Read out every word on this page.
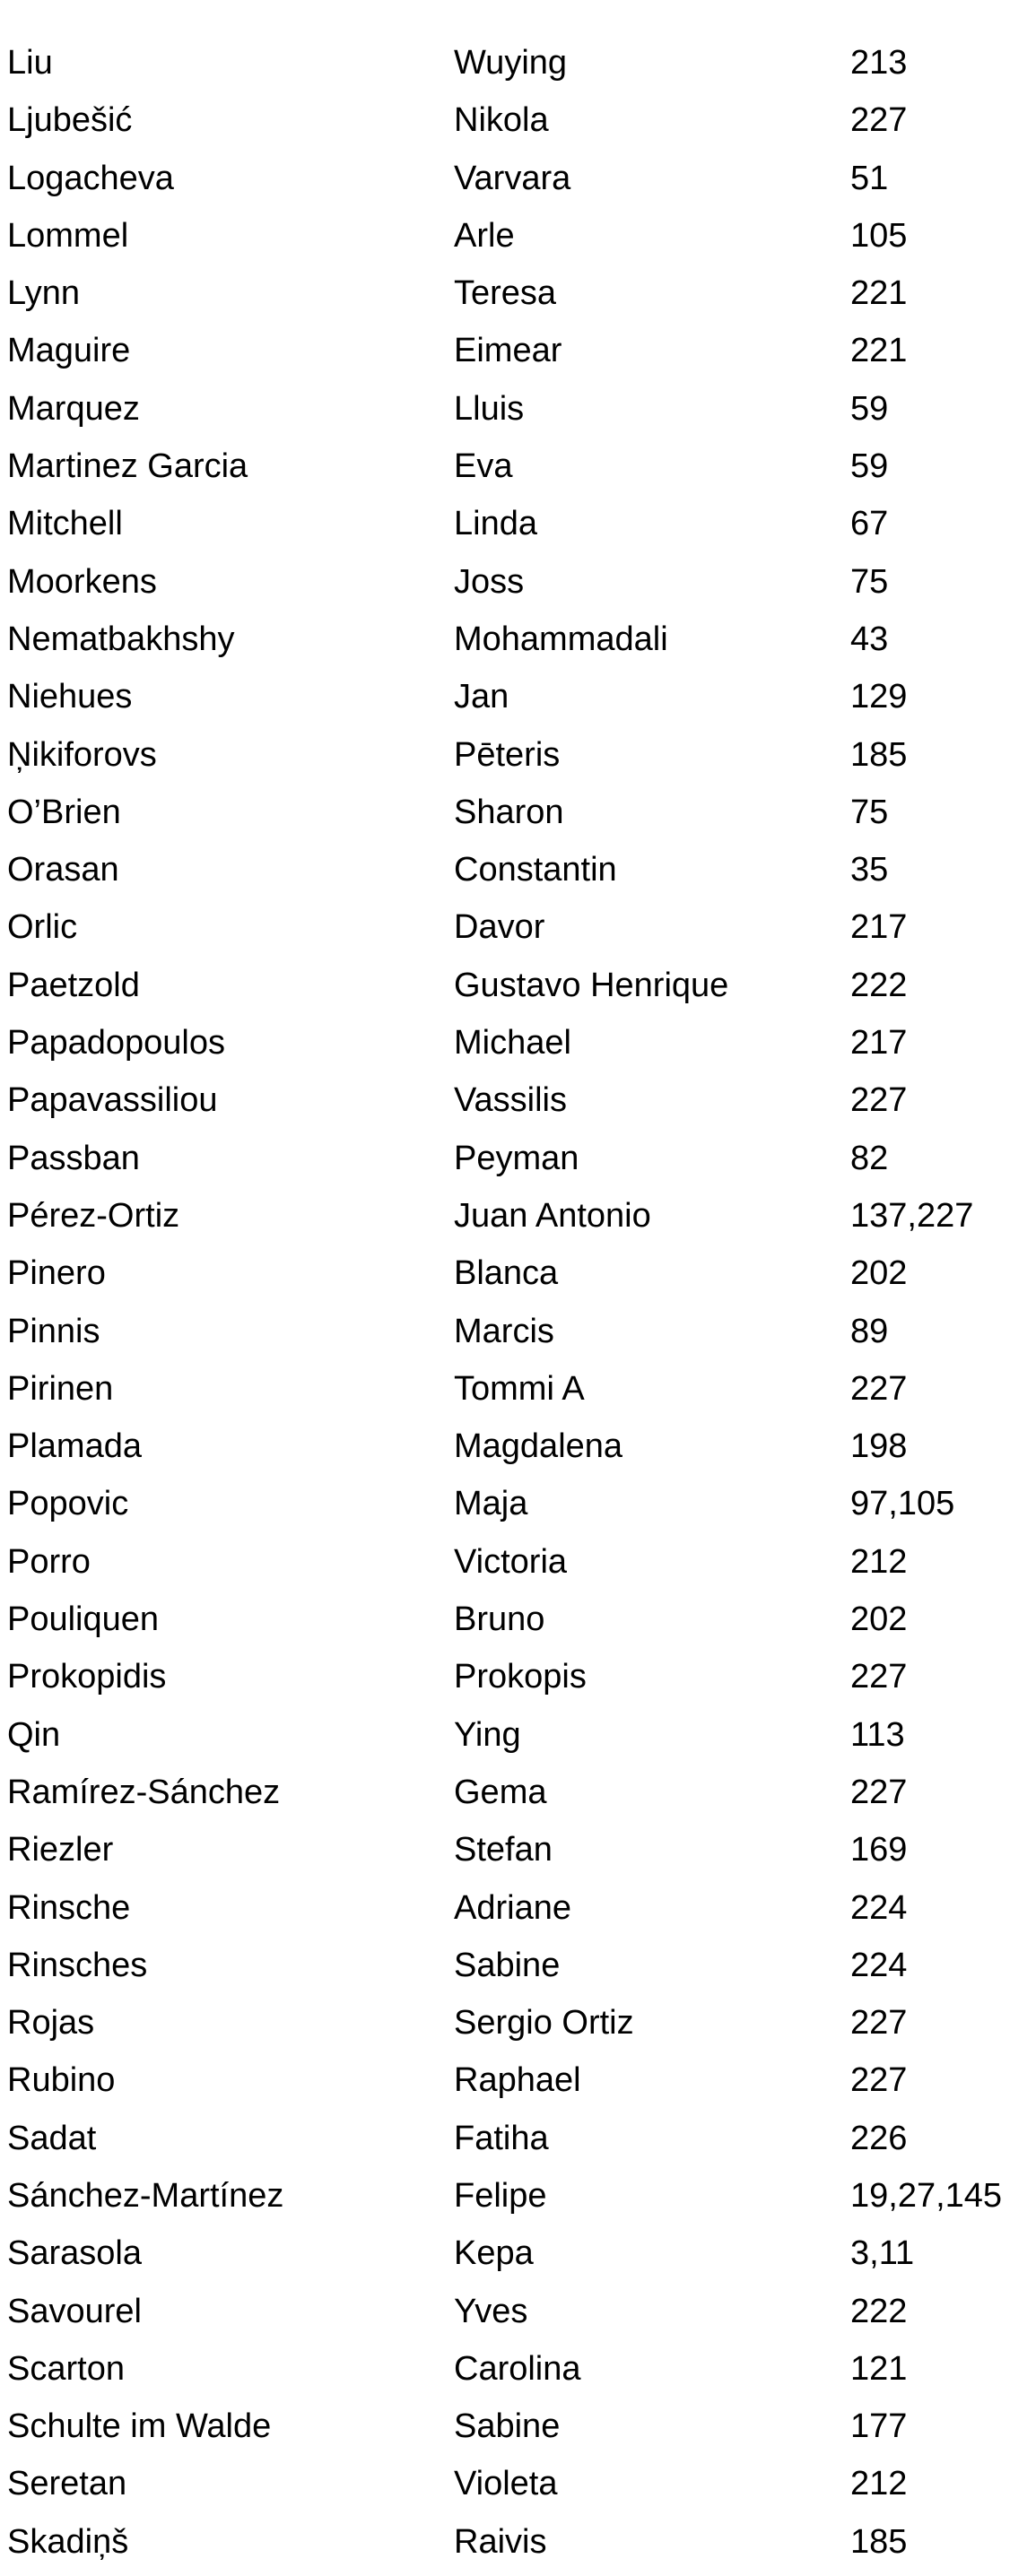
Liu	Wuying	213
Ljubešić	Nikola	227
Logacheva	Varvara	51
Lommel	Arle	105
Lynn	Teresa	221
Maguire	Eimear	221
Marquez	Lluis	59
Martinez Garcia	Eva	59
Mitchell	Linda	67
Moorkens	Joss	75
Nematbakhshy	Mohammadali	43
Niehues	Jan	129
Ņikiforovs	Pēteris	185
O’Brien	Sharon	75
Orasan	Constantin	35
Orlic	Davor	217
Paetzold	Gustavo Henrique	222
Papadopoulos	Michael	217
Papavassiliou	Vassilis	227
Passban	Peyman	82
Pérez-Ortiz	Juan Antonio	137,227
Pinero	Blanca	202
Pinnis	Marcis	89
Pirinen	Tommi A	227
Plamada	Magdalena	198
Popovic	Maja	97,105
Porro	Victoria	212
Pouliquen	Bruno	202
Prokopidis	Prokopis	227
Qin	Ying	113
Ramírez-Sánchez	Gema	227
Riezler	Stefan	169
Rinsche	Adriane	224
Rinsches	Sabine	224
Rojas	Sergio Ortiz	227
Rubino	Raphael	227
Sadat	Fatiha	226
Sánchez-Martínez	Felipe	19,27,145
Sarasola	Kepa	3,11
Savourel	Yves	222
Scarton	Carolina	121
Schulte im Walde	Sabine	177
Seretan	Violeta	212
Skadiņš	Raivis	185
